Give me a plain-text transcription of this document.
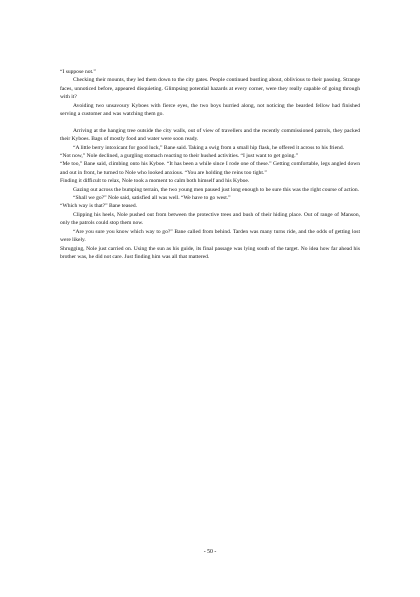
“I suppose not.”

Checking their mounts, they led them down to the city gates. People continued bustling about, oblivious to their passing. Strange faces, unnoticed before, appeared disquieting. Glimpsing potential hazards at every corner, were they really capable of going through with it?

Avoiding two unsavoury Kyboes with fierce eyes, the two boys hurried along, not noticing the bearded fellow had finished serving a customer and was watching them go.

Arriving at the hanging tree outside the city walls, out of view of travellers and the recently commissioned patrols, they packed their Kyboes. Bags of mostly food and water were soon ready.

“A little berry intoxicant for good luck,” Bane said. Taking a swig from a small hip flask, he offered it across to his friend.

“Not now,” Nole declined, a gurgling stomach reacting to their hushed activities. “I just want to get going.”

“Me too,” Bane said, climbing onto his Kyboe. “It has been a while since I rode one of these.” Getting comfortable, legs angled down and out in front, he turned to Nole who looked anxious. “You are holding the reins too tight.”

Finding it difficult to relax, Nole took a moment to calm both himself and his Kyboe.

Gazing out across the bumping terrain, the two young men paused just long enough to be sure this was the right course of action.

“Shall we go?” Nole said, satisfied all was well. “We have to go west.”

“Which way is that?” Bane teased.

Clipping his heels, Nole pushed out from between the protective trees and bush of their hiding place. Out of range of Manson, only the patrols could stop them now.

“Are you sure you know which way to go?” Bane called from behind. Tarden was many turns ride, and the odds of getting lost were likely.

Shrugging, Nole just carried on. Using the sun as his guide, its final passage was lying south of the target. No idea how far ahead his brother was, he did not care. Just finding him was all that mattered.

- 50 -
